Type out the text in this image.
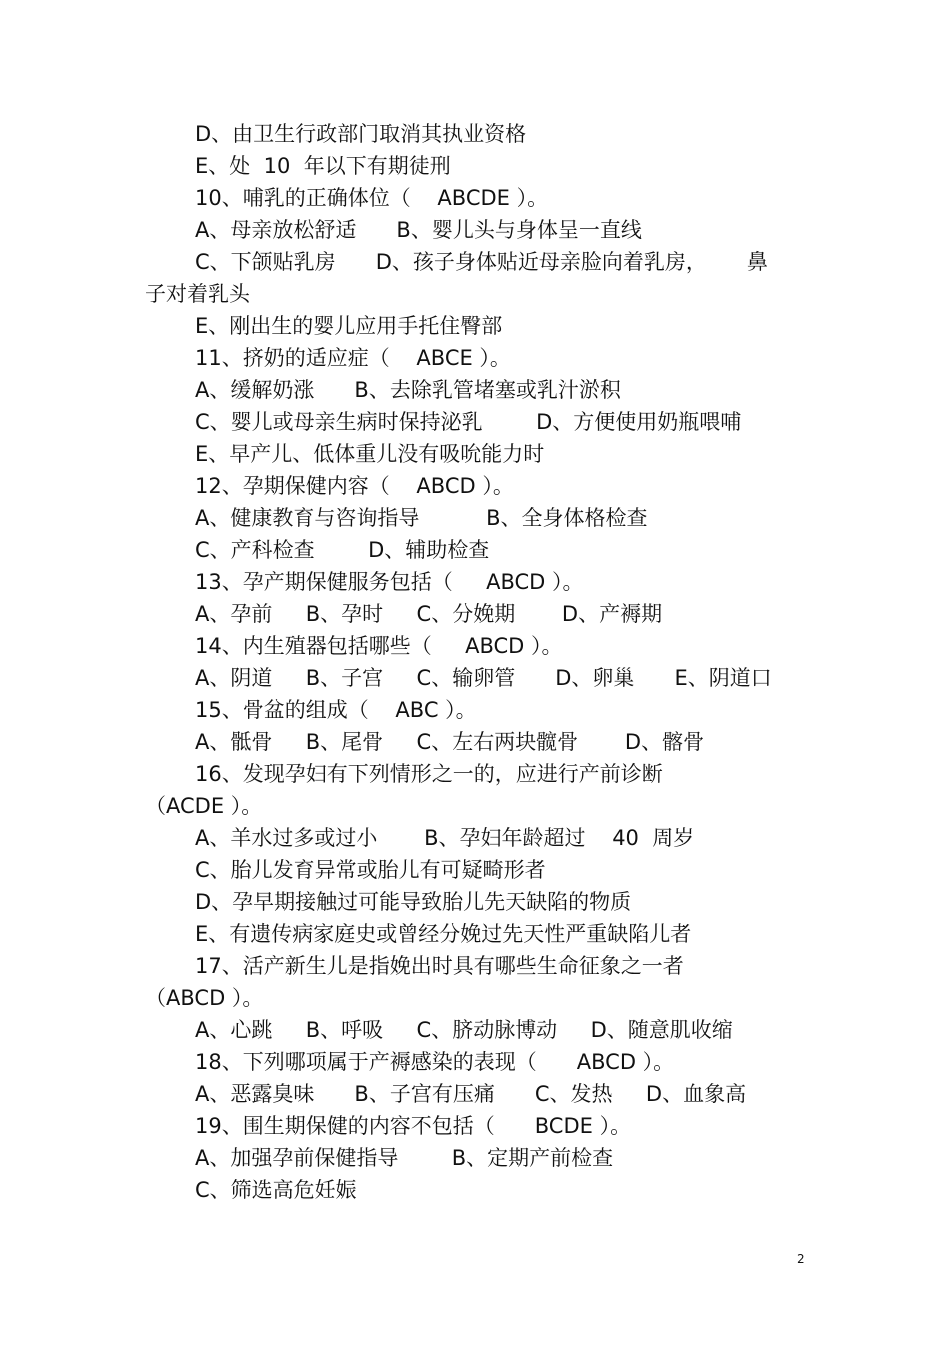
D、由卫生行政部门取消其执业资格
E、处  10  年以下有期徒刑
10、哺乳的正确体位（    ABCDE ）。
A、母亲放松舒适      B、婴儿头与身体呈一直线
C、下颌贴乳房      D、孩子身体贴近母亲脸向着乳房，      鼻
子对着乳头
E、刚出生的婴儿应用手托住臀部
11、挤奶的适应症（    ABCE ）。
A、缓解奶涨      B、去除乳管堵塞或乳汁淤积
C、婴儿或母亲生病时保持泌乳        D、方便使用奶瓶喂哺
E、早产儿、低体重儿没有吸吮能力时
12、孕期保健内容（    ABCD ）。
A、健康教育与咨询指导          B、全身体格检查
C、产科检查        D、辅助检查
13、孕产期保健服务包括（     ABCD ）。
A、孕前     B、孕时     C、分娩期       D、产褥期
14、内生殖器包括哪些（     ABCD ）。
A、阴道     B、子宫     C、输卵管      D、卵巢      E、阴道口
15、骨盆的组成（    ABC ）。
A、骶骨     B、尾骨     C、左右两块髋骨       D、髂骨
16、发现孕妇有下列情形之一的，应进行产前诊断
（ACDE ）。
A、羊水过多或过小       B、孕妇年龄超过    40  周岁
C、胎儿发育异常或胎儿有可疑畸形者
D、孕早期接触过可能导致胎儿先天缺陷的物质
E、有遗传病家庭史或曾经分娩过先天性严重缺陷儿者
17、活产新生儿是指娩出时具有哪些生命征象之一者
（ABCD ）。
A、心跳     B、呼吸     C、脐动脉博动     D、随意肌收缩
18、下列哪项属于产褥感染的表现（      ABCD ）。
A、恶露臭味      B、子宫有压痛      C、发热     D、血象高
19、围生期保健的内容不包括（      BCDE ）。
A、加强孕前保健指导        B、定期产前检查
C、筛选高危妊娠
2
